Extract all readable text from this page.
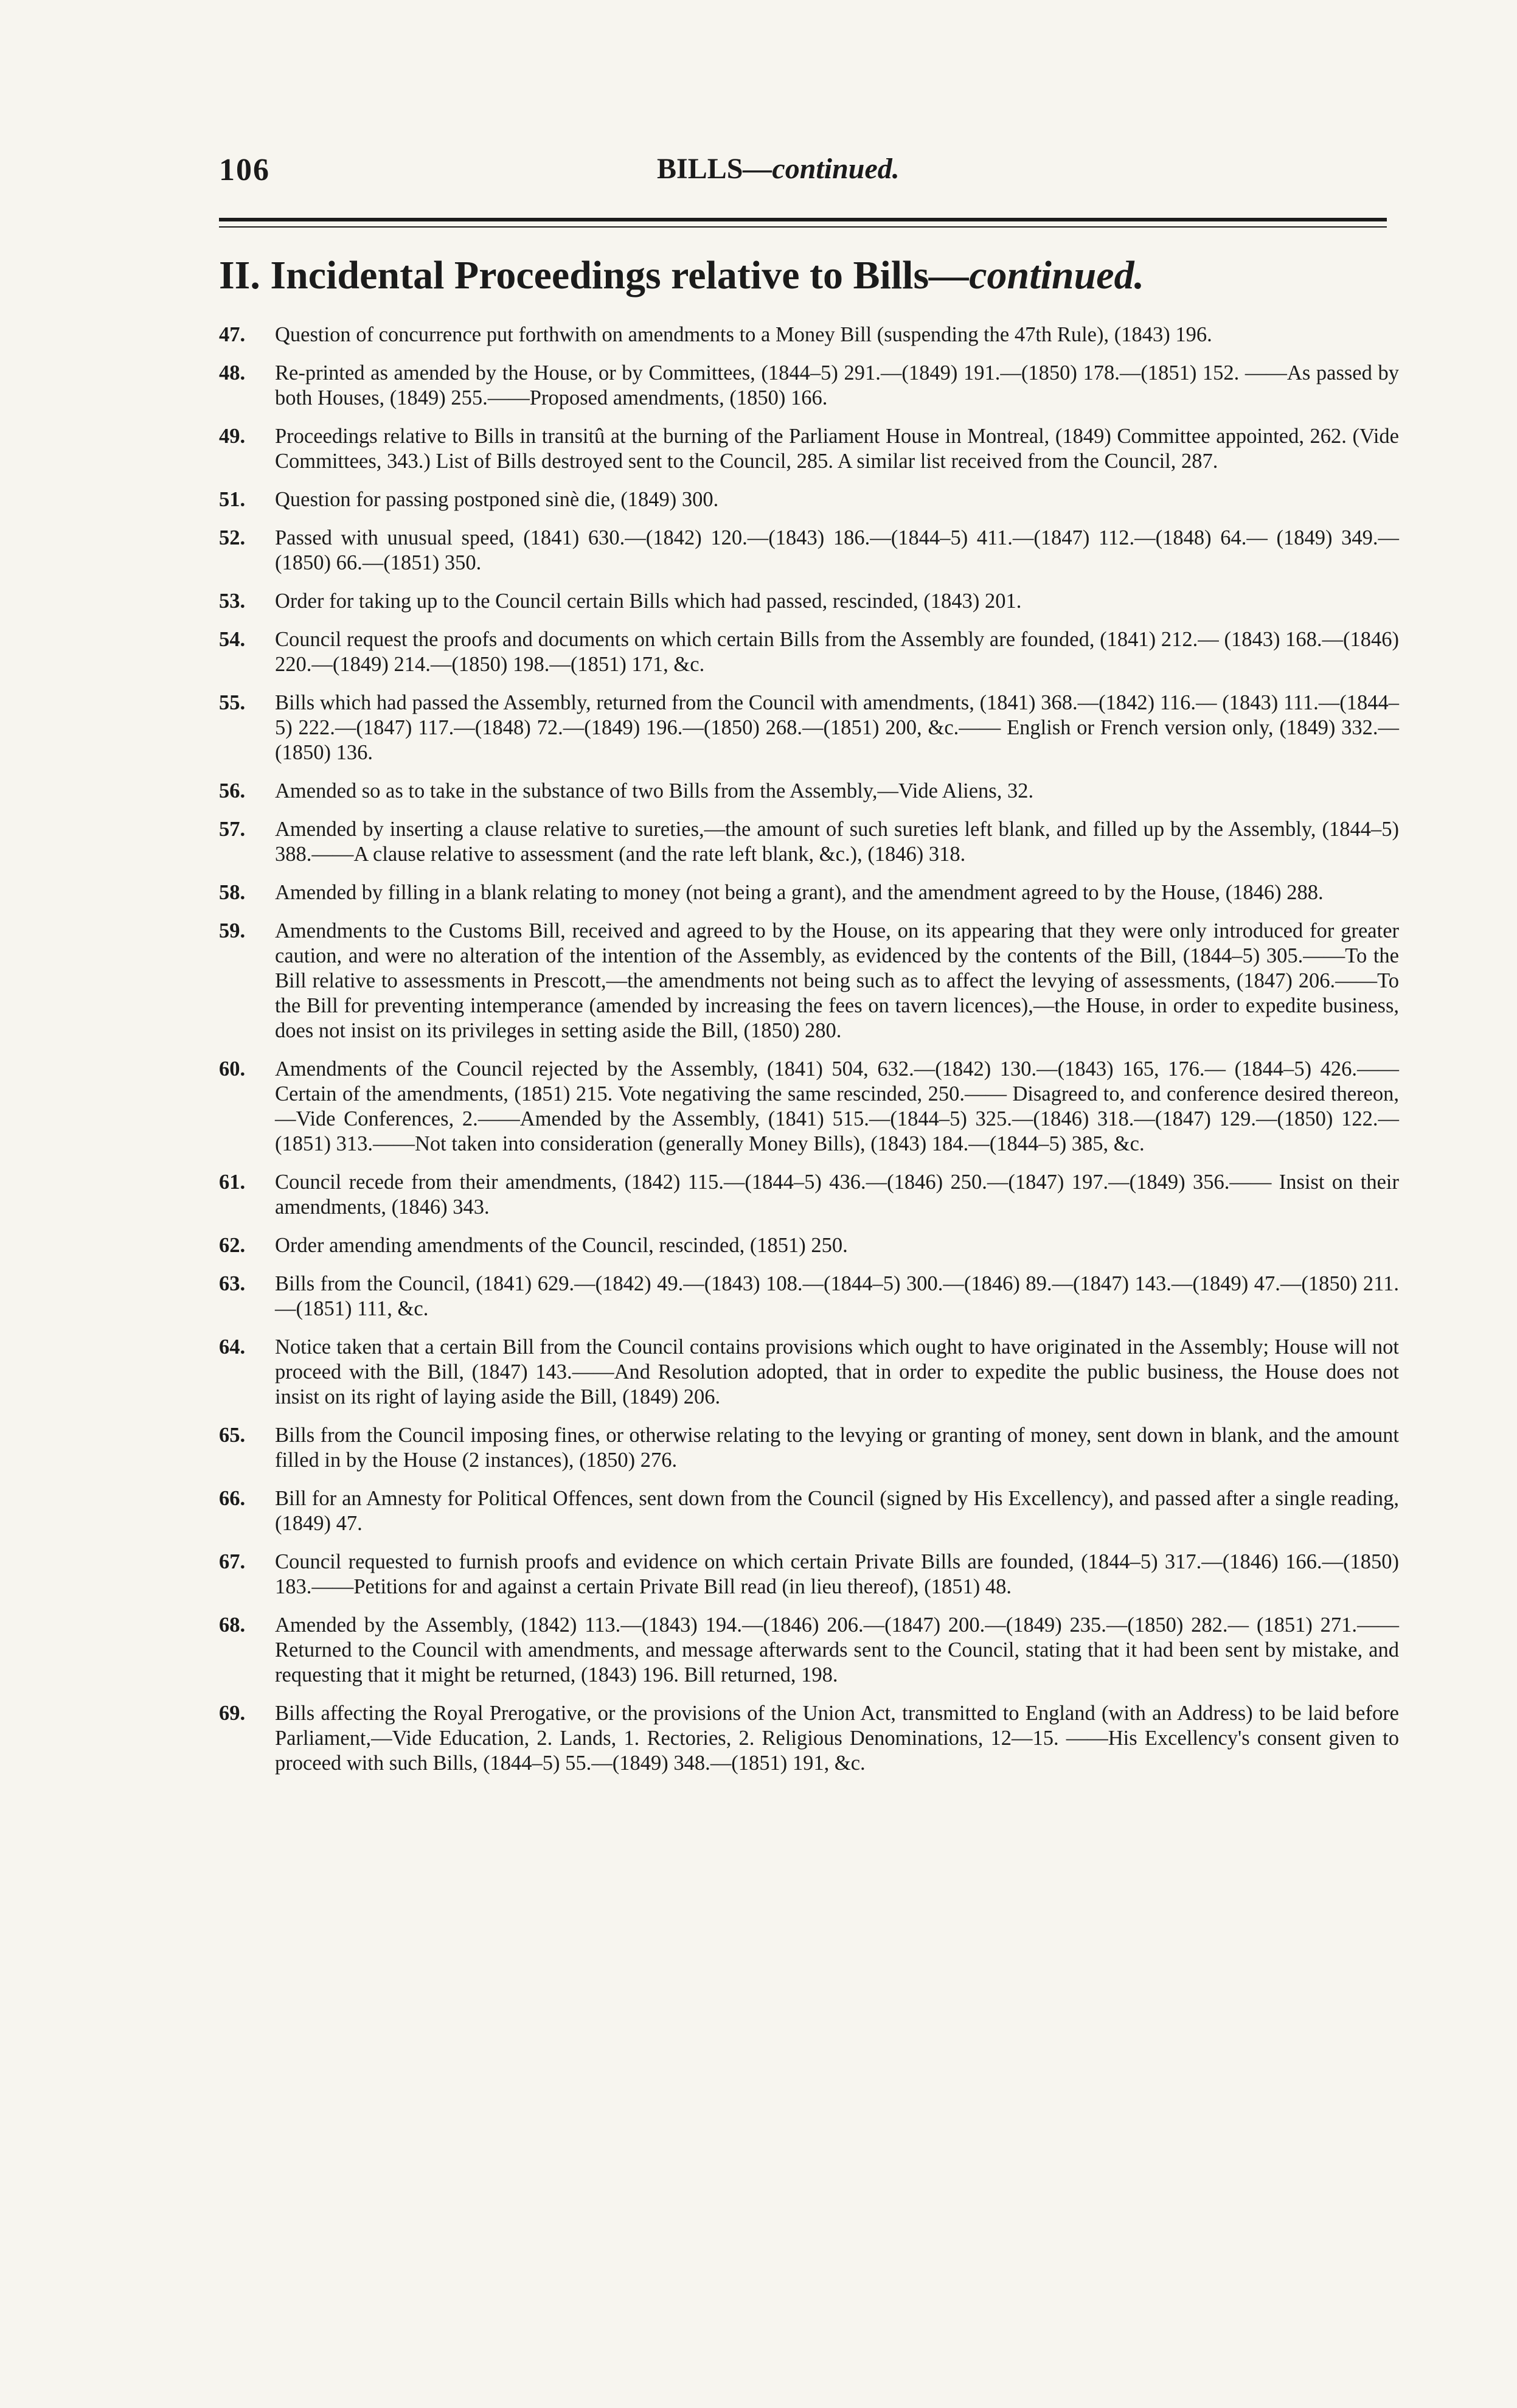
106	BILLS—continued.
II. Incidental Proceedings relative to Bills—continued.
47. Question of concurrence put forthwith on amendments to a Money Bill (suspending the 47th Rule), (1843) 196.
48. Re-printed as amended by the House, or by Committees, (1844–5) 291.—(1849) 191.—(1850) 178.—(1851) 152. ——As passed by both Houses, (1849) 255.——Proposed amendments, (1850) 166.
49. Proceedings relative to Bills in transitû at the burning of the Parliament House in Montreal, (1849) Committee appointed, 262. (Vide Committees, 343.) List of Bills destroyed sent to the Council, 285. A similar list received from the Council, 287.
51. Question for passing postponed sinè die, (1849) 300.
52. Passed with unusual speed, (1841) 630.—(1842) 120.—(1843) 186.—(1844–5) 411.—(1847) 112.—(1848) 64.— (1849) 349.—(1850) 66.—(1851) 350.
53. Order for taking up to the Council certain Bills which had passed, rescinded, (1843) 201.
54. Council request the proofs and documents on which certain Bills from the Assembly are founded, (1841) 212.— (1843) 168.—(1846) 220.—(1849) 214.—(1850) 198.—(1851) 171, &c.
55. Bills which had passed the Assembly, returned from the Council with amendments, (1841) 368.—(1842) 116.— (1843) 111.—(1844–5) 222.—(1847) 117.—(1848) 72.—(1849) 196.—(1850) 268.—(1851) 200, &c.—— English or French version only, (1849) 332.—(1850) 136.
56. Amended so as to take in the substance of two Bills from the Assembly,—Vide Aliens, 32.
57. Amended by inserting a clause relative to sureties,—the amount of such sureties left blank, and filled up by the Assembly, (1844–5) 388.——A clause relative to assessment (and the rate left blank, &c.), (1846) 318.
58. Amended by filling in a blank relating to money (not being a grant), and the amendment agreed to by the House, (1846) 288.
59. Amendments to the Customs Bill, received and agreed to by the House, on its appearing that they were only introduced for greater caution, and were no alteration of the intention of the Assembly, as evidenced by the contents of the Bill, (1844–5) 305.——To the Bill relative to assessments in Prescott,—the amendments not being such as to affect the levying of assessments, (1847) 206.——To the Bill for preventing intemperance (amended by increasing the fees on tavern licences),—the House, in order to expedite business, does not insist on its privileges in setting aside the Bill, (1850) 280.
60. Amendments of the Council rejected by the Assembly, (1841) 504, 632.—(1842) 130.—(1843) 165, 176.— (1844–5) 426.——Certain of the amendments, (1851) 215. Vote negativing the same rescinded, 250.—— Disagreed to, and conference desired thereon,—Vide Conferences, 2.——Amended by the Assembly, (1841) 515.—(1844–5) 325.—(1846) 318.—(1847) 129.—(1850) 122.—(1851) 313.——Not taken into consideration (generally Money Bills), (1843) 184.—(1844–5) 385, &c.
61. Council recede from their amendments, (1842) 115.—(1844–5) 436.—(1846) 250.—(1847) 197.—(1849) 356.—— Insist on their amendments, (1846) 343.
62. Order amending amendments of the Council, rescinded, (1851) 250.
63. Bills from the Council, (1841) 629.—(1842) 49.—(1843) 108.—(1844–5) 300.—(1846) 89.—(1847) 143.—(1849) 47.—(1850) 211.—(1851) 111, &c.
64. Notice taken that a certain Bill from the Council contains provisions which ought to have originated in the Assembly; House will not proceed with the Bill, (1847) 143.——And Resolution adopted, that in order to expedite the public business, the House does not insist on its right of laying aside the Bill, (1849) 206.
65. Bills from the Council imposing fines, or otherwise relating to the levying or granting of money, sent down in blank, and the amount filled in by the House (2 instances), (1850) 276.
66. Bill for an Amnesty for Political Offences, sent down from the Council (signed by His Excellency), and passed after a single reading, (1849) 47.
67. Council requested to furnish proofs and evidence on which certain Private Bills are founded, (1844–5) 317.—(1846) 166.—(1850) 183.——Petitions for and against a certain Private Bill read (in lieu thereof), (1851) 48.
68. Amended by the Assembly, (1842) 113.—(1843) 194.—(1846) 206.—(1847) 200.—(1849) 235.—(1850) 282.— (1851) 271.——Returned to the Council with amendments, and message afterwards sent to the Council, stating that it had been sent by mistake, and requesting that it might be returned, (1843) 196. Bill returned, 198.
69. Bills affecting the Royal Prerogative, or the provisions of the Union Act, transmitted to England (with an Address) to be laid before Parliament,—Vide Education, 2. Lands, 1. Rectories, 2. Religious Denominations, 12—15. ——His Excellency's consent given to proceed with such Bills, (1844–5) 55.—(1849) 348.—(1851) 191, &c.
